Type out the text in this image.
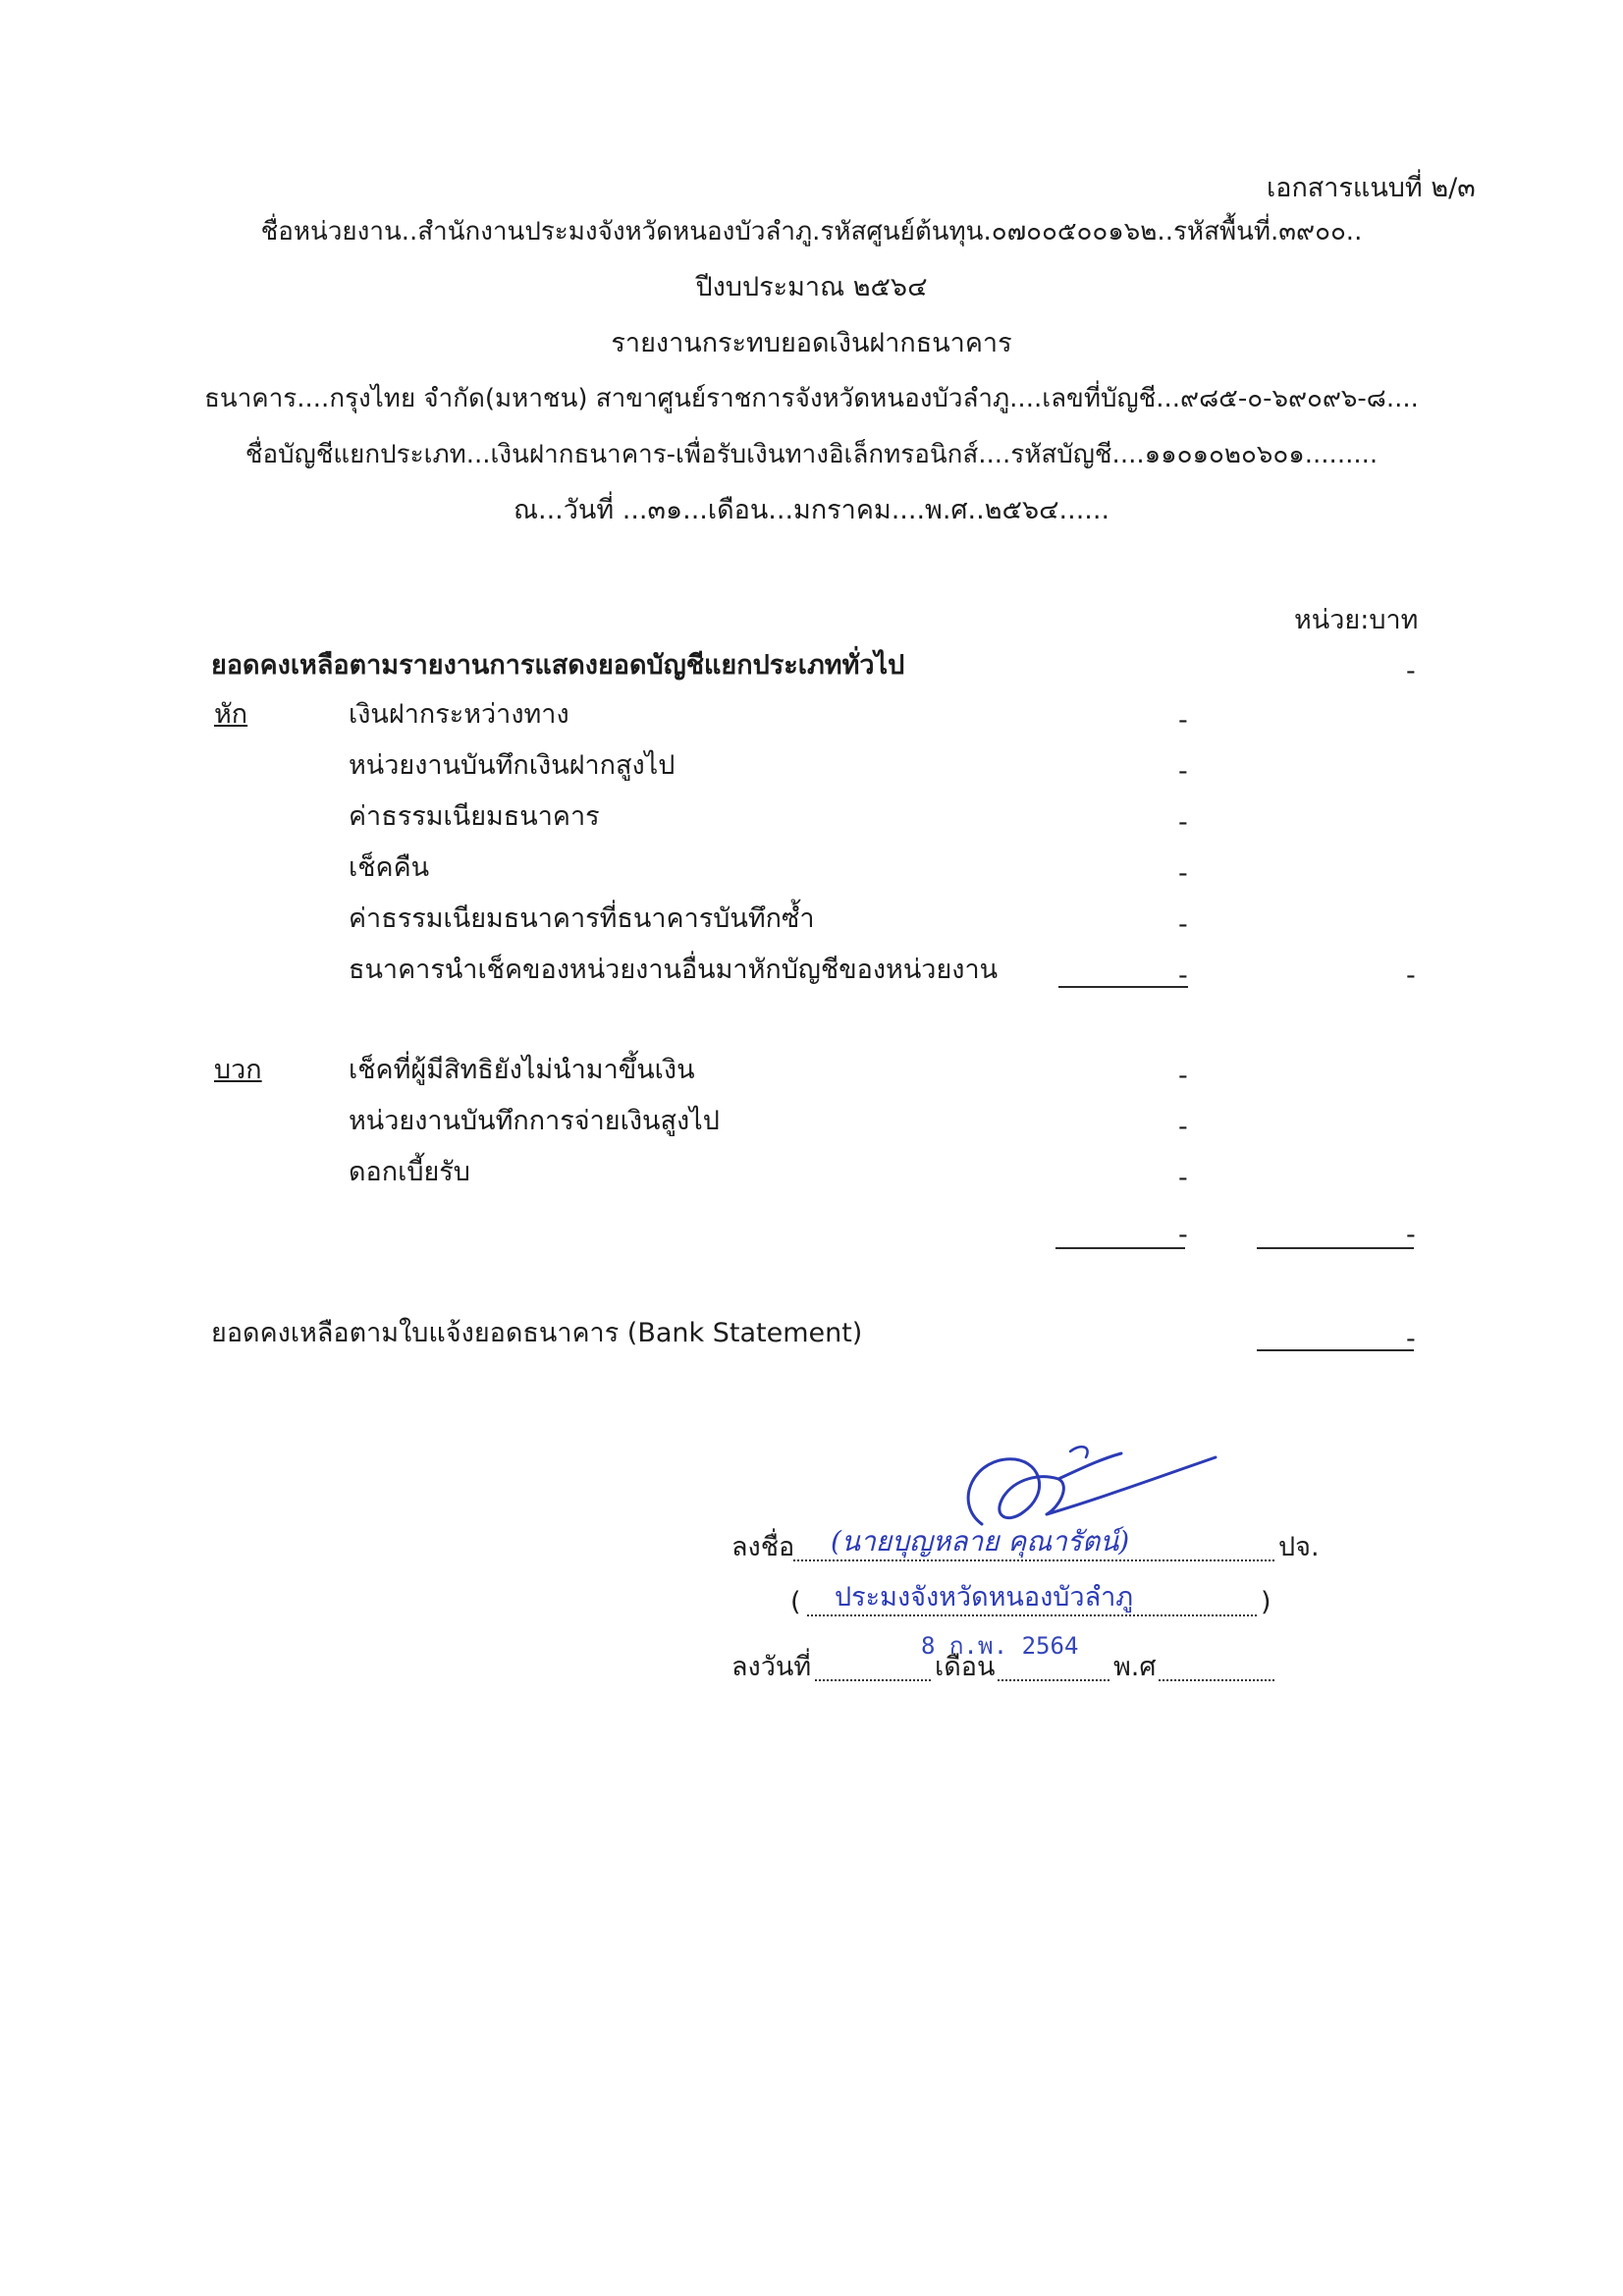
เอกสารแนบที่ ๒/๓
ชื่อหน่วยงาน..สำนักงานประมงจังหวัดหนองบัวลำภู.รหัสศูนย์ต้นทุน.๐๗๐๐๕๐๐๑๖๒..รหัสพื้นที่.๓๙๐๐..
ปีงบประมาณ ๒๕๖๔
รายงานกระทบยอดเงินฝากธนาคาร
ธนาคาร....กรุงไทย จำกัด(มหาชน) สาขาศูนย์ราชการจังหวัดหนองบัวลำภู....เลขที่บัญชี...๙๘๕-๐-๖๙๐๙๖-๘....
ชื่อบัญชีแยกประเภท...เงินฝากธนาคาร-เพื่อรับเงินทางอิเล็กทรอนิกส์....รหัสบัญชี....๑๑๐๑๐๒๐๖๐๑.........
ณ...วันที่ ...๓๑...เดือน...มกราคม....พ.ศ..๒๕๖๔......
หน่วย:บาท
ยอดคงเหลือตามรายงานการแสดงยอดบัญชีแยกประเภททั่วไป	-
หัก	เงินฝากระหว่างทาง	-
หน่วยงานบันทึกเงินฝากสูงไป	-
ค่าธรรมเนียมธนาคาร	-
เช็คคืน	-
ค่าธรรมเนียมธนาคารที่ธนาคารบันทึกซ้ำ	-
ธนาคารนำเช็คของหน่วยงานอื่นมาหักบัญชีของหน่วยงาน	-	-
บวก	เช็คที่ผู้มีสิทธิยังไม่นำมาขึ้นเงิน	-
หน่วยงานบันทึกการจ่ายเงินสูงไป	-
ดอกเบี้ยรับ	-
-	-
ยอดคงเหลือตามใบแจ้งยอดธนาคาร (Bank Statement)	-
ลงชื่อ (นายบุญหลาย คุณารัตน์)	ปจ.
( ประมงจังหวัดหนองบัวลำภู	)
8 ก.พ. 2564
ลงวันที่	เดือน	พ.ศ
